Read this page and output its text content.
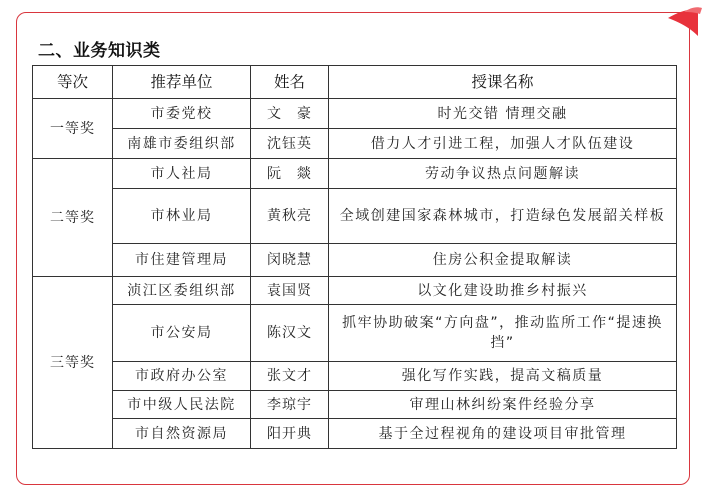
二、业务知识类
等次	推荐单位	姓名	授课名称
一等奖	市委党校	文　豪	时光交错 情理交融
	南雄市委组织部	沈钰英	借力人才引进工程，加强人才队伍建设
二等奖	市人社局	阮　燚	劳动争议热点问题解读
	市林业局	黄秋亮	全域创建国家森林城市，打造绿色发展韶关样板
	市住建管理局	闵晓慧	住房公积金提取解读
三等奖	浈江区委组织部	袁国贤	以文化建设助推乡村振兴
	市公安局	陈汉文	抓牢协助破案“方向盘”，推动监所工作“提速换挡”
	市政府办公室	张文才	强化写作实践，提高文稿质量
	市中级人民法院	李琼宇	审理山林纠纷案件经验分享
	市自然资源局	阳开典	基于全过程视角的建设项目审批管理
